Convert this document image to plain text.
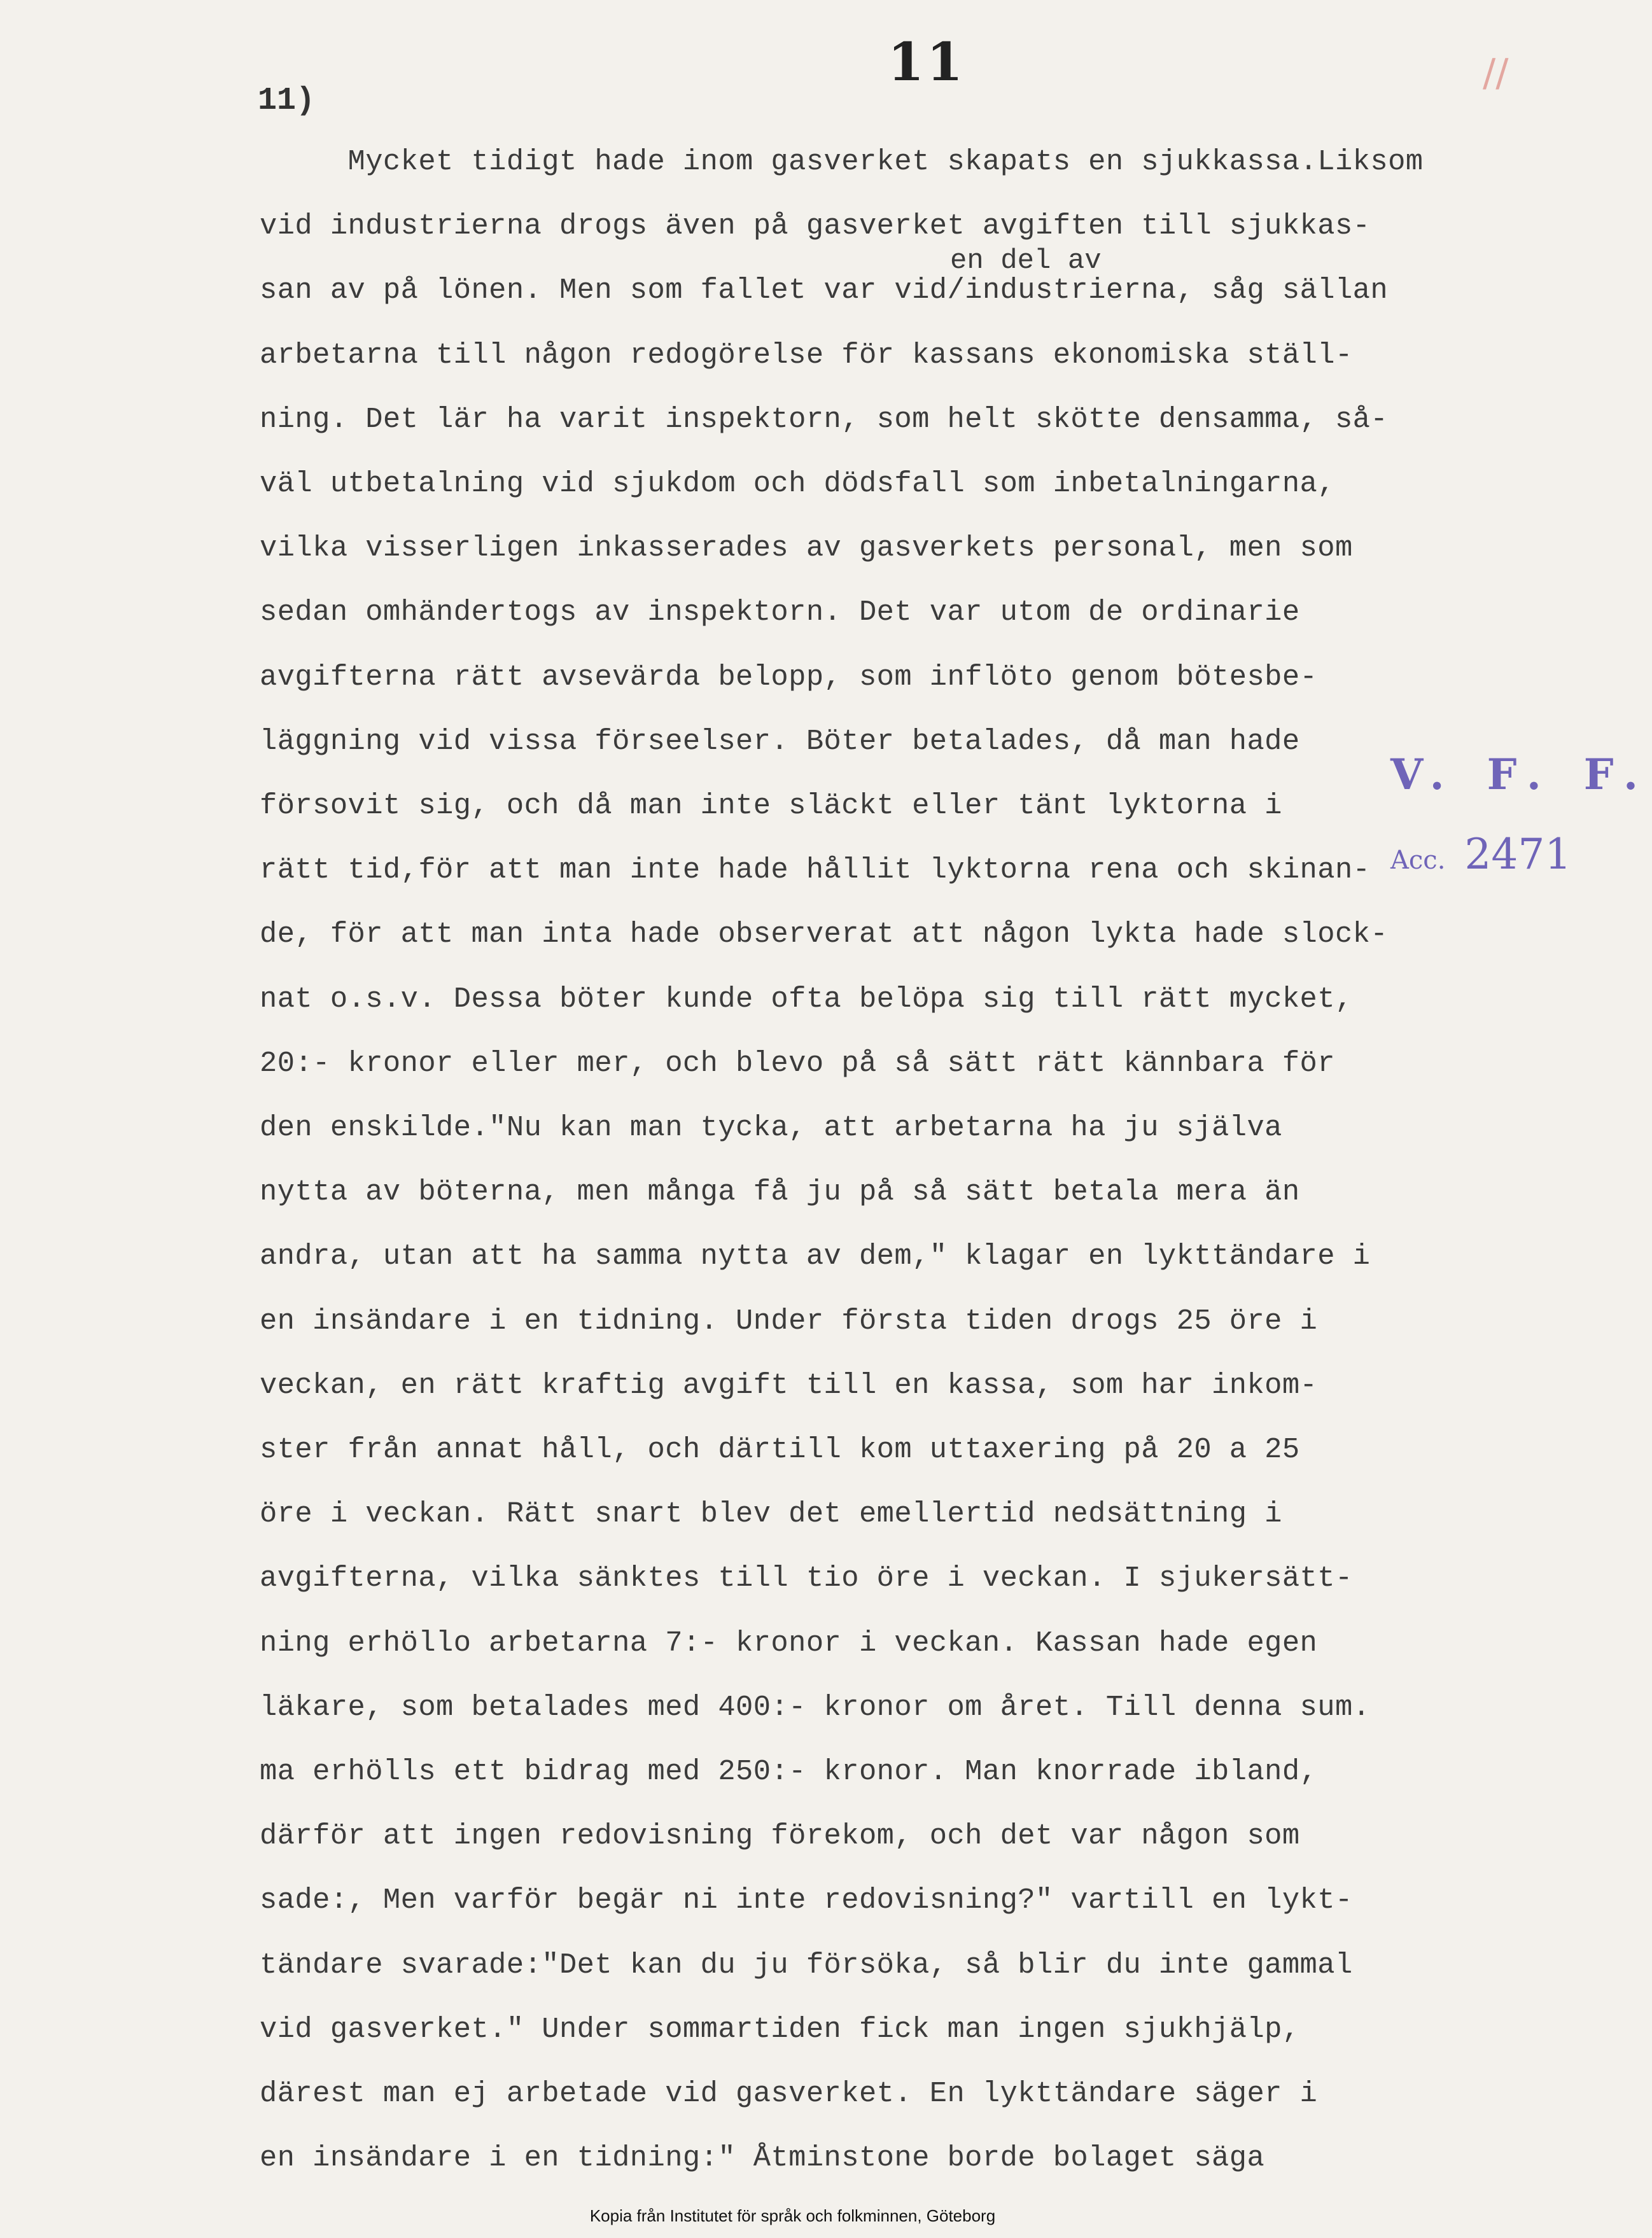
11
11)
//
en del av
Mycket tidigt hade inom gasverket skapats en sjukkassa.Liksom
vid industrierna drogs även på gasverket avgiften till sjukkas-
san av på lönen. Men som fallet var vid/industrierna, såg sällan
arbetarna till någon redogörelse för kassans ekonomiska ställ-
ning. Det lär ha varit inspektorn, som helt skötte densamma, så-
väl utbetalning vid sjukdom och dödsfall som inbetalningarna,
vilka visserligen inkasserades av gasverkets personal, men som
sedan omhändertogs av inspektorn. Det var utom de ordinarie
avgifterna rätt avsevärda belopp, som inflöto genom bötesbe-
läggning vid vissa förseelser. Böter betalades, då man hade
försovit sig, och då man inte släckt eller tänt lyktorna i
rätt tid,för att man inte hade hållit lyktorna rena och skinan-
de, för att man inta hade observerat att någon lykta hade slock-
nat o.s.v. Dessa böter kunde ofta belöpa sig till rätt mycket,
20:- kronor eller mer, och blevo på så sätt rätt kännbara för
den enskilde."Nu kan man tycka, att arbetarna ha ju själva
nytta av böterna, men många få ju på så sätt betala mera än
andra, utan att ha samma nytta av dem," klagar en lykttändare i
en insändare i en tidning. Under första tiden drogs 25 öre i
veckan, en rätt kraftig avgift till en kassa, som har inkom-
ster från annat håll, och därtill kom uttaxering på 20 a 25
öre i veckan. Rätt snart blev det emellertid nedsättning i
avgifterna, vilka sänktes till tio öre i veckan. I sjukersätt-
ning erhöllo arbetarna 7:- kronor i veckan. Kassan hade egen
läkare, som betalades med 400:- kronor om året. Till denna sum.
ma erhölls ett bidrag med 250:- kronor. Man knorrade ibland,
därför att ingen redovisning förekom, och det var någon som
sade:, Men varför begär ni inte redovisning?" vartill en lykt-
tändare svarade:"Det kan du ju försöka, så blir du inte gammal
vid gasverket." Under sommartiden fick man ingen sjukhjälp,
därest man ej arbetade vid gasverket. En lykttändare säger i
en insändare i en tidning:" Åtminstone borde bolaget säga

V. F. F.

Acc. 2471

Kopia från Institutet för språk och folkminnen, Göteborg
